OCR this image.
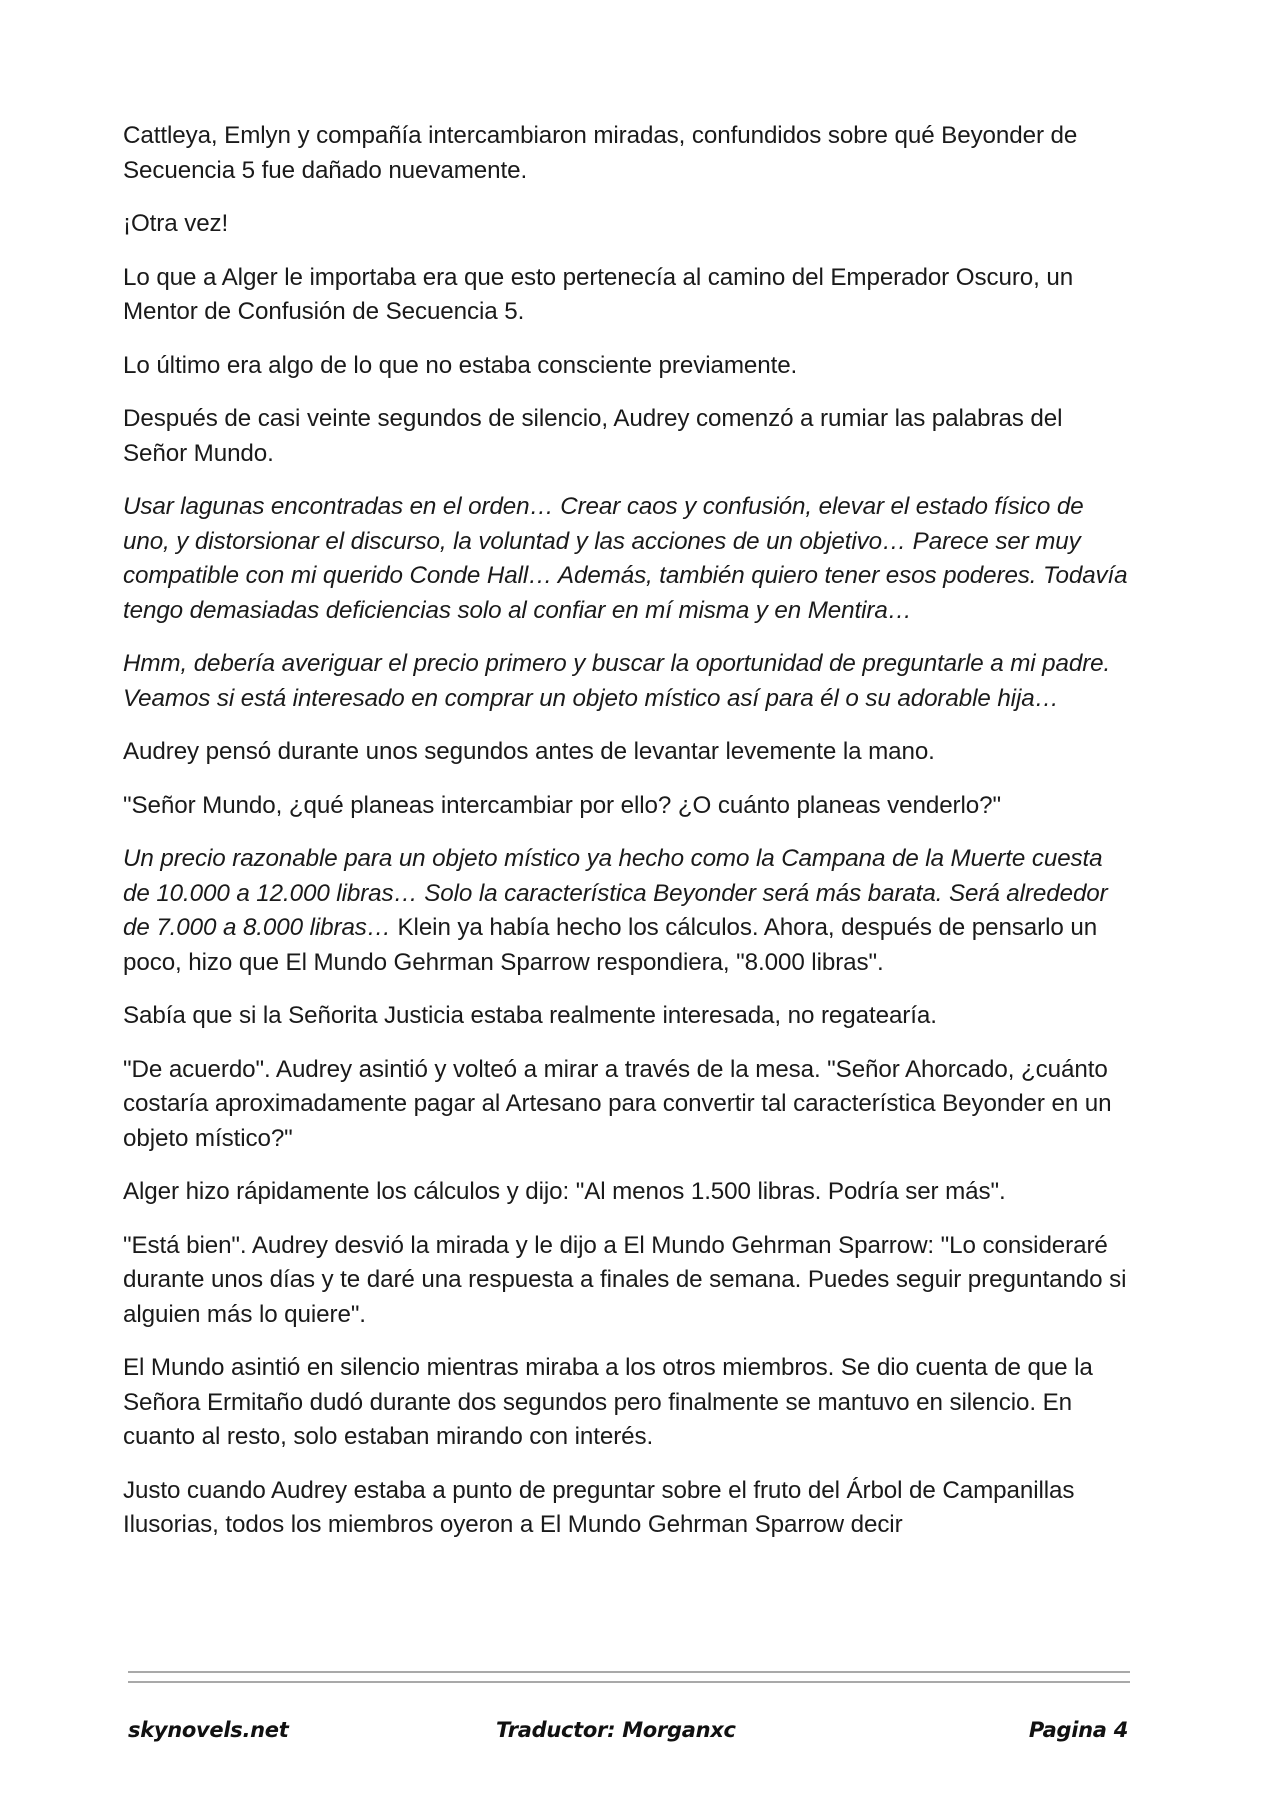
Cattleya, Emlyn y compañía intercambiaron miradas, confundidos sobre qué Beyonder de Secuencia 5 fue dañado nuevamente.

¡Otra vez!

Lo que a Alger le importaba era que esto pertenecía al camino del Emperador Oscuro, un Mentor de Confusión de Secuencia 5.

Lo último era algo de lo que no estaba consciente previamente.

Después de casi veinte segundos de silencio, Audrey comenzó a rumiar las palabras del Señor Mundo.

Usar lagunas encontradas en el orden… Crear caos y confusión, elevar el estado físico de uno, y distorsionar el discurso, la voluntad y las acciones de un objetivo… Parece ser muy compatible con mi querido Conde Hall… Además, también quiero tener esos poderes. Todavía tengo demasiadas deficiencias solo al confiar en mí misma y en Mentira…

Hmm, debería averiguar el precio primero y buscar la oportunidad de preguntarle a mi padre. Veamos si está interesado en comprar un objeto místico así para él o su adorable hija…

Audrey pensó durante unos segundos antes de levantar levemente la mano.

"Señor Mundo, ¿qué planeas intercambiar por ello? ¿O cuánto planeas venderlo?"

Un precio razonable para un objeto místico ya hecho como la Campana de la Muerte cuesta de 10.000 a 12.000 libras… Solo la característica Beyonder será más barata. Será alrededor de 7.000 a 8.000 libras… Klein ya había hecho los cálculos. Ahora, después de pensarlo un poco, hizo que El Mundo Gehrman Sparrow respondiera, "8.000 libras".

Sabía que si la Señorita Justicia estaba realmente interesada, no regatearía.

"De acuerdo". Audrey asintió y volteó a mirar a través de la mesa. "Señor Ahorcado, ¿cuánto costaría aproximadamente pagar al Artesano para convertir tal característica Beyonder en un objeto místico?"

Alger hizo rápidamente los cálculos y dijo: "Al menos 1.500 libras. Podría ser más".

"Está bien". Audrey desvió la mirada y le dijo a El Mundo Gehrman Sparrow: "Lo consideraré durante unos días y te daré una respuesta a finales de semana. Puedes seguir preguntando si alguien más lo quiere".

El Mundo asintió en silencio mientras miraba a los otros miembros. Se dio cuenta de que la Señora Ermitaño dudó durante dos segundos pero finalmente se mantuvo en silencio. En cuanto al resto, solo estaban mirando con interés.

Justo cuando Audrey estaba a punto de preguntar sobre el fruto del Árbol de Campanillas Ilusorias, todos los miembros oyeron a El Mundo Gehrman Sparrow decir

skynovels.net	Traductor: Morganxc	Pagina 4
